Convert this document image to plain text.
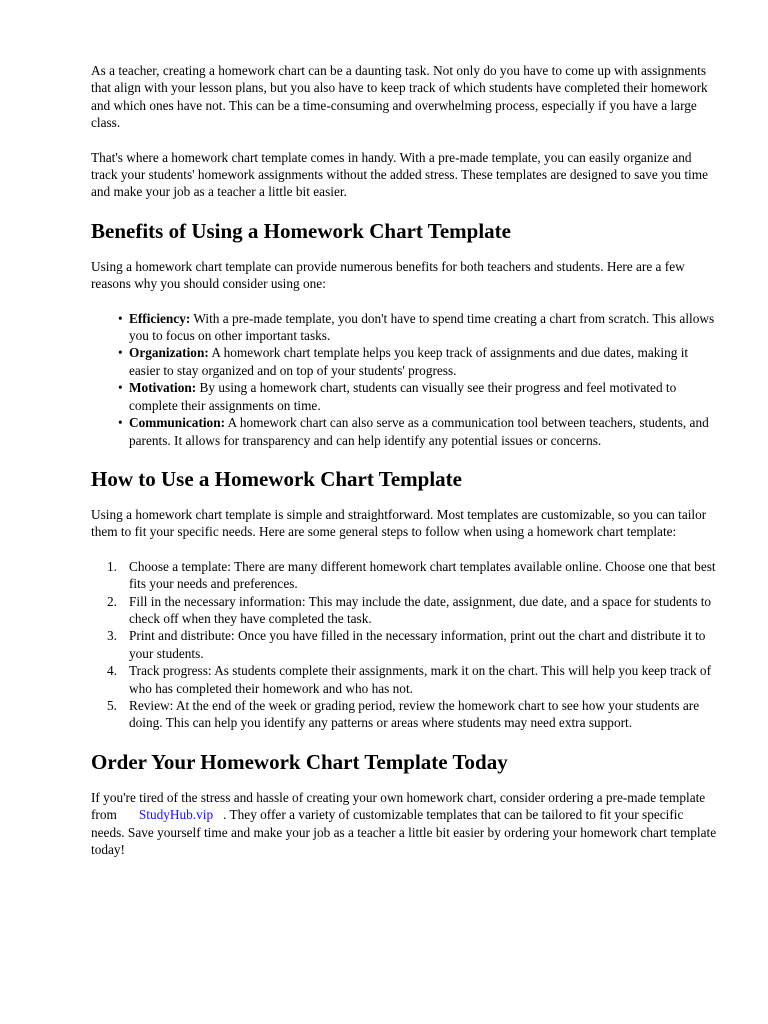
As a teacher, creating a homework chart can be a daunting task. Not only do you have to come up with assignments that align with your lesson plans, but you also have to keep track of which students have completed their homework and which ones have not. This can be a time-consuming and overwhelming process, especially if you have a large class.

That's where a homework chart template comes in handy. With a pre-made template, you can easily organize and track your students' homework assignments without the added stress. These templates are designed to save you time and make your job as a teacher a little bit easier.

Benefits of Using a Homework Chart Template

Using a homework chart template can provide numerous benefits for both teachers and students. Here are a few reasons why you should consider using one:

• Efficiency: With a pre-made template, you don't have to spend time creating a chart from scratch. This allows you to focus on other important tasks.
• Organization: A homework chart template helps you keep track of assignments and due dates, making it easier to stay organized and on top of your students' progress.
• Motivation: By using a homework chart, students can visually see their progress and feel motivated to complete their assignments on time.
• Communication: A homework chart can also serve as a communication tool between teachers, students, and parents. It allows for transparency and can help identify any potential issues or concerns.
How to Use a Homework Chart Template

Using a homework chart template is simple and straightforward. Most templates are customizable, so you can tailor them to fit your specific needs. Here are some general steps to follow when using a homework chart template:

1. Choose a template: There are many different homework chart templates available online. Choose one that best fits your needs and preferences.
2. Fill in the necessary information: This may include the date, assignment, due date, and a space for students to check off when they have completed the task.
3. Print and distribute: Once you have filled in the necessary information, print out the chart and distribute it to your students.
4. Track progress: As students complete their assignments, mark it on the chart. This will help you keep track of who has completed their homework and who has not.
5. Review: At the end of the week or grading period, review the homework chart to see how your students are doing. This can help you identify any patterns or areas where students may need extra support.
Order Your Homework Chart Template Today

If you're tired of the stress and hassle of creating your own homework chart, consider ordering a pre-made template from StudyHub.vip . They offer a variety of customizable templates that can be tailored to fit your specific needs. Save yourself time and make your job as a teacher a little bit easier by ordering your homework chart template today!
